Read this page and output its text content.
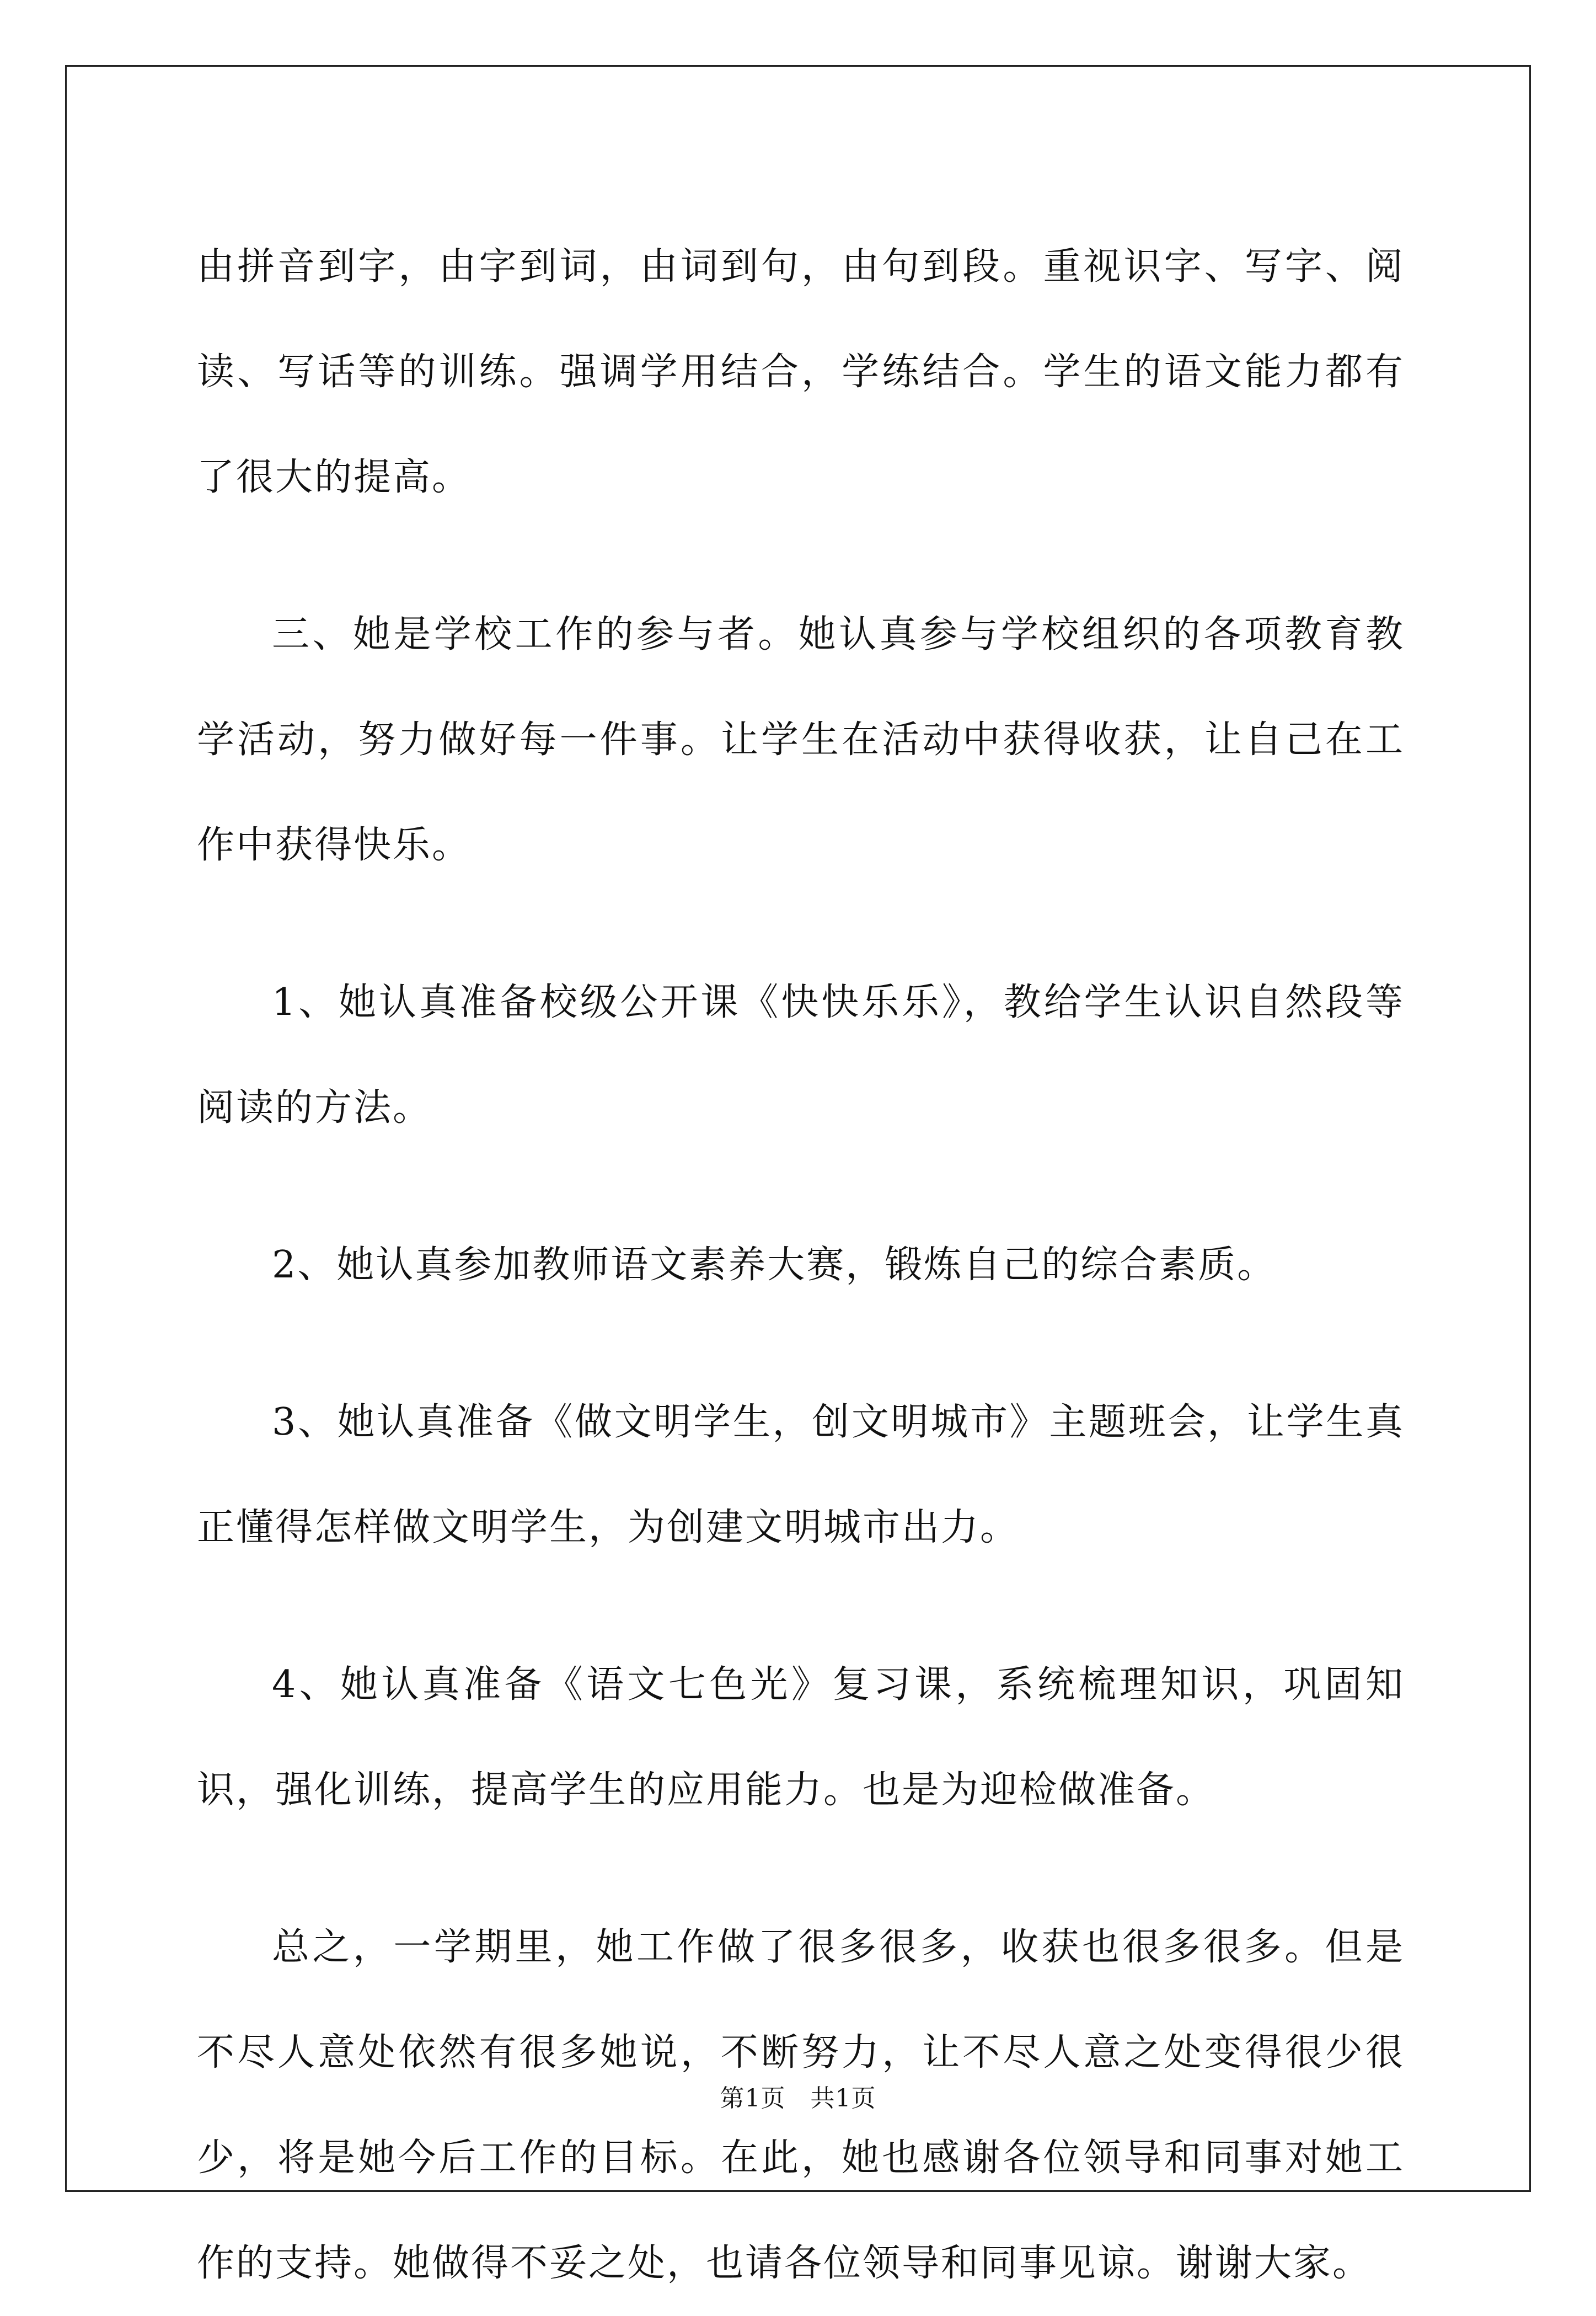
由拼音到字，由字到词，由词到句，由句到段。重视识字、写字、阅读、写话等的训练。强调学用结合，学练结合。学生的语文能力都有了很大的提高。

三、她是学校工作的参与者。她认真参与学校组织的各项教育教学活动，努力做好每一件事。让学生在活动中获得收获，让自己在工作中获得快乐。

1、她认真准备校级公开课《快快乐乐》，教给学生认识自然段等阅读的方法。

2、她认真参加教师语文素养大赛，锻炼自己的综合素质。

3、她认真准备《做文明学生，创文明城市》主题班会，让学生真正懂得怎样做文明学生，为创建文明城市出力。

4、她认真准备《语文七色光》复习课，系统梳理知识，巩固知识，强化训练，提高学生的应用能力。也是为迎检做准备。

总之，一学期里，她工作做了很多很多，收获也很多很多。但是不尽人意处依然有很多她说，不断努力，让不尽人意之处变得很少很少，将是她今后工作的目标。在此，她也感谢各位领导和同事对她工作的支持。她做得不妥之处，也请各位领导和同事见谅。谢谢大家。

第1页   共1页
